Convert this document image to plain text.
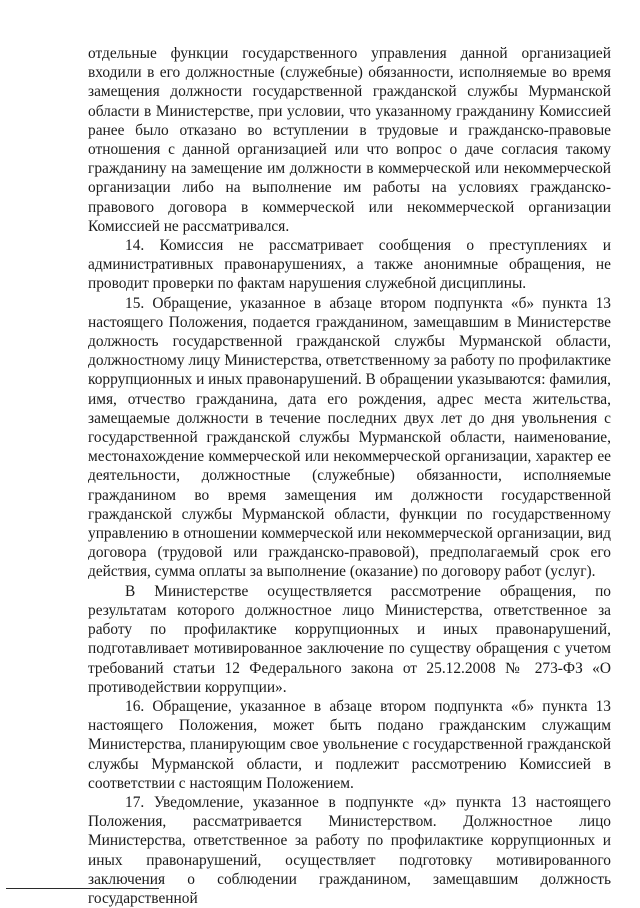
отдельные функции государственного управления данной организацией входили в его должностные (служебные) обязанности, исполняемые во время замещения должности государственной гражданской службы Мурманской области в Министерстве, при условии, что указанному гражданину Комиссией ранее было отказано во вступлении в трудовые и гражданско-правовые отношения с данной организацией или что вопрос о даче согласия такому гражданину на замещение им должности в коммерческой или некоммерческой организации либо на выполнение им работы на условиях гражданско-правового договора в коммерческой или некоммерческой организации Комиссией не рассматривался.

14. Комиссия не рассматривает сообщения о преступлениях и административных правонарушениях, а также анонимные обращения, не проводит проверки по фактам нарушения служебной дисциплины.

15. Обращение, указанное в абзаце втором подпункта «б» пункта 13 настоящего Положения, подается гражданином, замещавшим в Министерстве должность государственной гражданской службы Мурманской области, должностному лицу Министерства, ответственному за работу по профилактике коррупционных и иных правонарушений. В обращении указываются: фамилия, имя, отчество гражданина, дата его рождения, адрес места жительства, замещаемые должности в течение последних двух лет до дня увольнения с государственной гражданской службы Мурманской области, наименование, местонахождение коммерческой или некоммерческой организации, характер ее деятельности, должностные (служебные) обязанности, исполняемые гражданином во время замещения им должности государственной гражданской службы Мурманской области, функции по государственному управлению в отношении коммерческой или некоммерческой организации, вид договора (трудовой или гражданско-правовой), предполагаемый срок его действия, сумма оплаты за выполнение (оказание) по договору работ (услуг).

В Министерстве осуществляется рассмотрение обращения, по результатам которого должностное лицо Министерства, ответственное за работу по профилактике коррупционных и иных правонарушений, подготавливает мотивированное заключение по существу обращения с учетом требований статьи 12 Федерального закона от 25.12.2008 № 273-ФЗ «О противодействии коррупции».

16. Обращение, указанное в абзаце втором подпункта «б» пункта 13 настоящего Положения, может быть подано гражданским служащим Министерства, планирующим свое увольнение с государственной гражданской службы Мурманской области, и подлежит рассмотрению Комиссией в соответствии с настоящим Положением.

17. Уведомление, указанное в подпункте «д» пункта 13 настоящего Положения, рассматривается Министерством. Должностное лицо Министерства, ответственное за работу по профилактике коррупционных и иных правонарушений, осуществляет подготовку мотивированного заключения о соблюдении гражданином, замещавшим должность государственной
